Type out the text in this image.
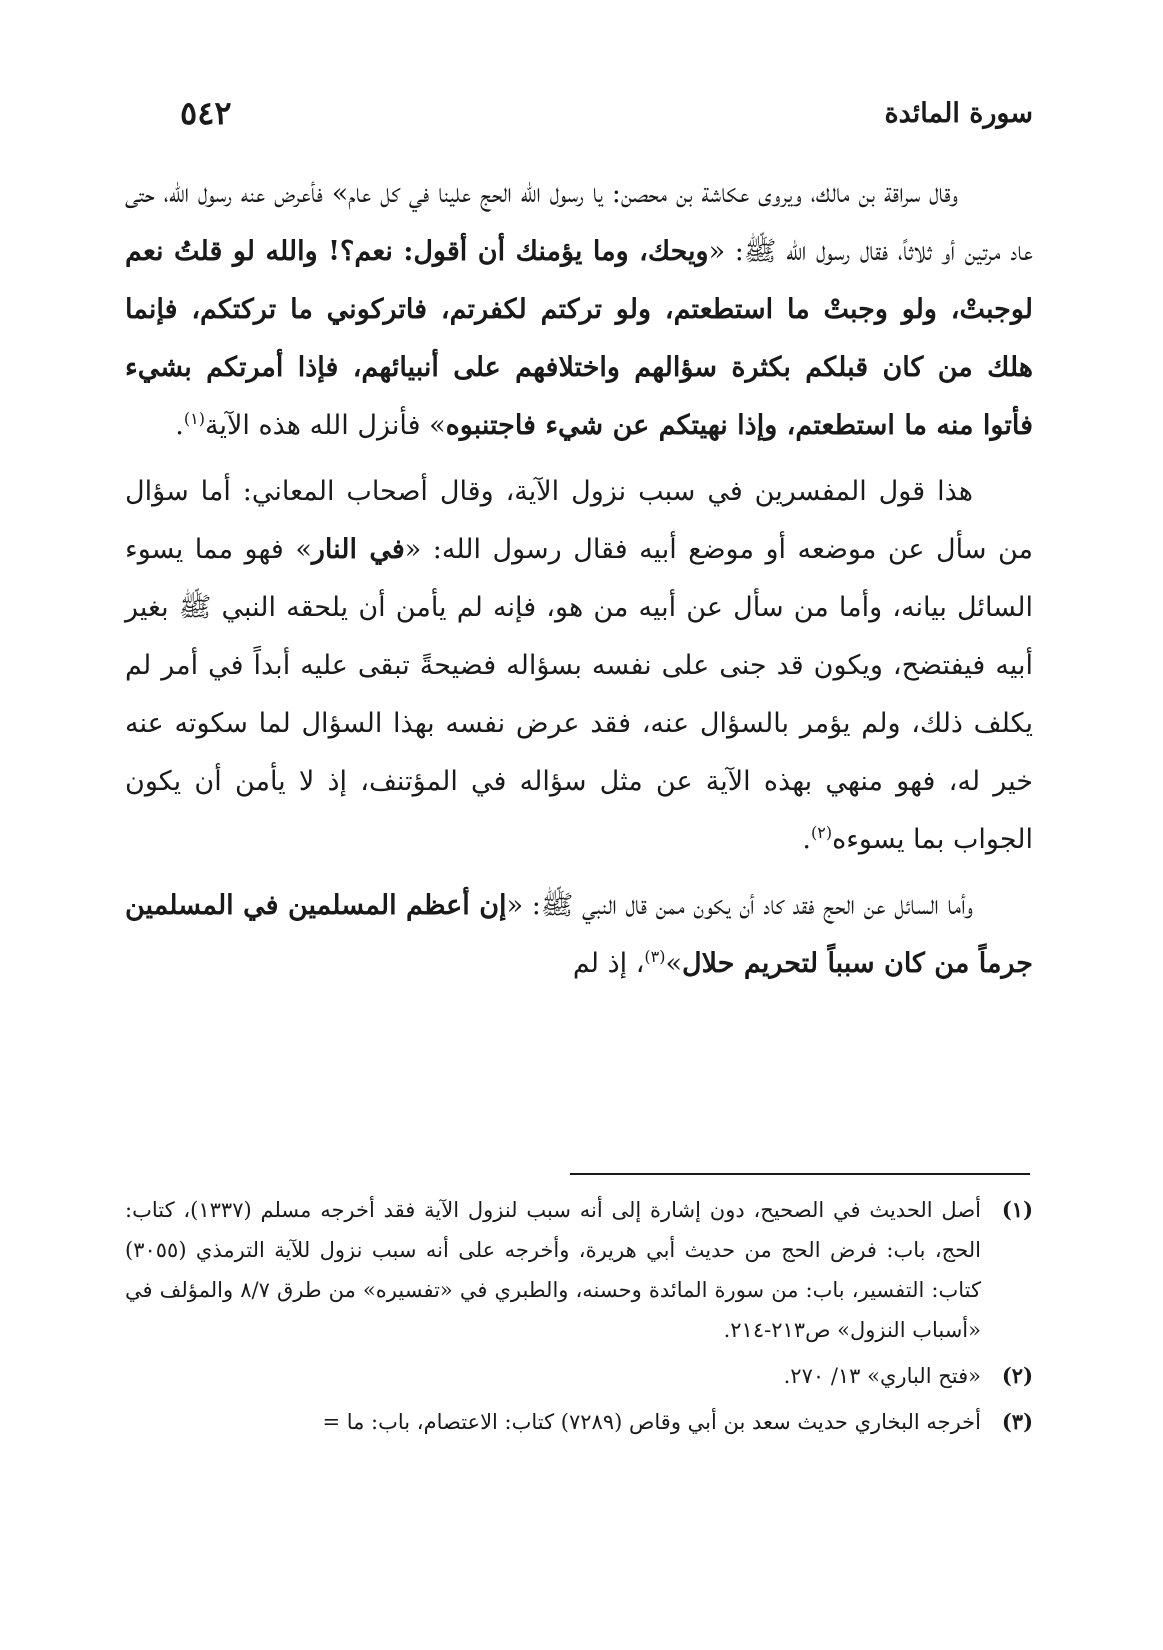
سورة المائدة
٥٤٢

وقال سراقة بن مالك، ويروى عكاشة بن محصن: يا رسول الله الحج علينا في كل عام» فأعرض عنه رسول الله، حتى عاد مرتين أو ثلاثاً، فقال رسول الله ﷺ: «ويحك، وما يؤمنك أن أقول: نعم؟! والله لو قلتُ نعم لوجبتْ، ولو وجبتْ ما استطعتم، ولو تركتم لكفرتم، فاتركوني ما تركتكم، فإنما هلك من كان قبلكم بكثرة سؤالهم واختلافهم على أنبيائهم، فإذا أمرتكم بشيء فأتوا منه ما استطعتم، وإذا نهيتكم عن شيء فاجتنبوه» فأنزل الله هذه الآية$^{(١)}$.

هذا قول المفسرين في سبب نزول الآية، وقال أصحاب المعاني: أما سؤال من سأل عن موضعه أو موضع أبيه فقال رسول الله: «في النار» فهو مما يسوء السائل بيانه، وأما من سأل عن أبيه من هو، فإنه لم يأمن أن يلحقه النبي ﷺ بغير أبيه فيفتضح، ويكون قد جنى على نفسه بسؤاله فضيحةً تبقى عليه أبداً في أمر لم يكلف ذلك، ولم يؤمر بالسؤال عنه، فقد عرض نفسه بهذا السؤال لما سكوته عنه خير له، فهو منهي بهذه الآية عن مثل سؤاله في المؤتنف، إذ لا يأمن أن يكون الجواب بما يسوءه$^{(٢)}$.

وأما السائل عن الحج فقد كاد أن يكون ممن قال النبي ﷺ: «إن أعظم المسلمين في المسلمين جرماً من كان سبباً لتحريم حلال»$^{(٣)}$، إذ لم

(١)

أصل الحديث في الصحيح، دون إشارة إلى أنه سبب لنزول الآية فقد أخرجه مسلم (١٣٣٧)، كتاب: الحج، باب: فرض الحج من حديث أبي هريرة، وأخرجه على أنه سبب نزول للآية الترمذي (٣٠٥٥) كتاب: التفسير، باب: من سورة المائدة وحسنه، والطبري في «تفسيره» من طرق ٨/٧ والمؤلف في «أسباب النزول» ص٢١٣-٢١٤.

(٢)

«فتح الباري» ١٣/ ٢٧٠.

(٣)

أخرجه البخاري حديث سعد بن أبي وقاص (٧٢٨٩) كتاب: الاعتصام، باب: ما =
